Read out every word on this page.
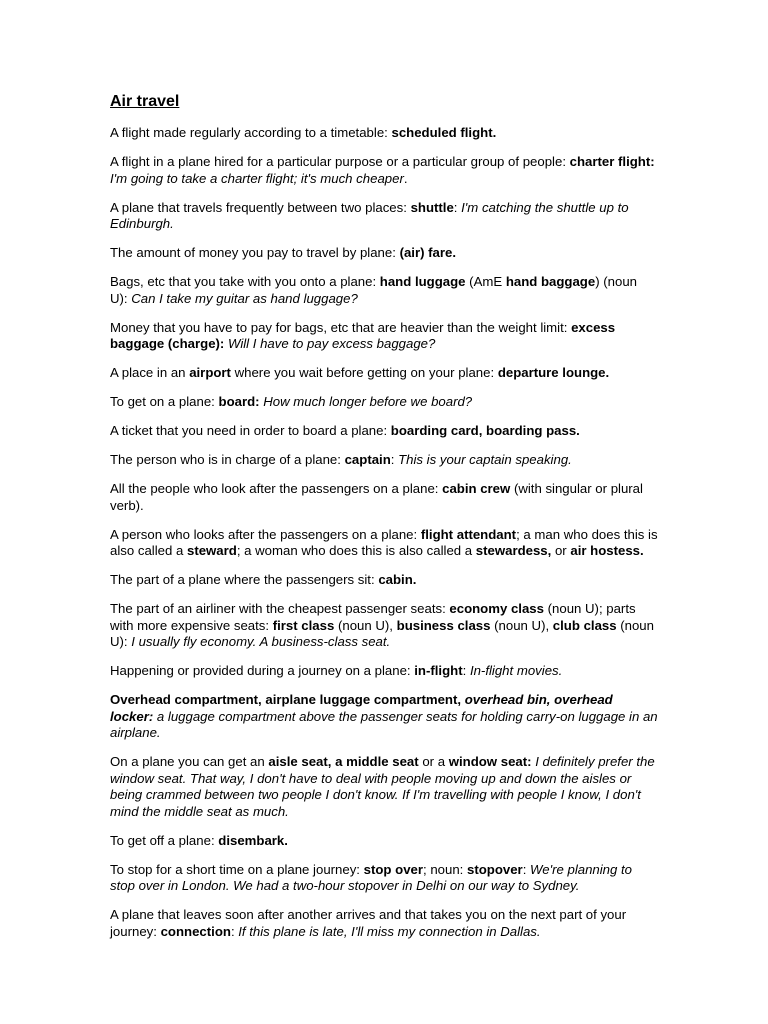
Air travel

A flight made regularly according to a timetable: scheduled flight.

A flight in a plane hired for a particular purpose or a particular group of people: charter flight: I'm going to take a charter flight; it's much cheaper.

A plane that travels frequently between two places: shuttle: I'm catching the shuttle up to Edinburgh.

The amount of money you pay to travel by plane: (air) fare.

Bags, etc that you take with you onto a plane: hand luggage (AmE hand baggage) (noun U): Can I take my guitar as hand luggage?

Money that you have to pay for bags, etc that are heavier than the weight limit: excess baggage (charge): Will I have to pay excess baggage?

A place in an airport where you wait before getting on your plane: departure lounge.

To get on a plane: board: How much longer before we board?

A ticket that you need in order to board a plane: boarding card, boarding pass.

The person who is in charge of a plane: captain: This is your captain speaking.

All the people who look after the passengers on a plane: cabin crew (with singular or plural verb).

A person who looks after the passengers on a plane: flight attendant; a man who does this is also called a steward; a woman who does this is also called a stewardess, or air hostess.

The part of a plane where the passengers sit: cabin.

The part of an airliner with the cheapest passenger seats: economy class (noun U); parts with more expensive seats: first class (noun U), business class (noun U), club class (noun U): I usually fly economy. A business-class seat.

Happening or provided during a journey on a plane: in-flight: In-flight movies.

Overhead compartment, airplane luggage compartment, overhead bin, overhead locker: a luggage compartment above the passenger seats for holding carry-on luggage in an airplane.

On a plane you can get an aisle seat, a middle seat or a window seat: I definitely prefer the window seat. That way, I don't have to deal with people moving up and down the aisles or being crammed between two people I don't know. If I'm travelling with people I know, I don't mind the middle seat as much.

To get off a plane: disembark.

To stop for a short time on a plane journey: stop over; noun: stopover: We're planning to stop over in London. We had a two-hour stopover in Delhi on our way to Sydney.

A plane that leaves soon after another arrives and that takes you on the next part of your journey: connection: If this plane is late, I'll miss my connection in Dallas.
